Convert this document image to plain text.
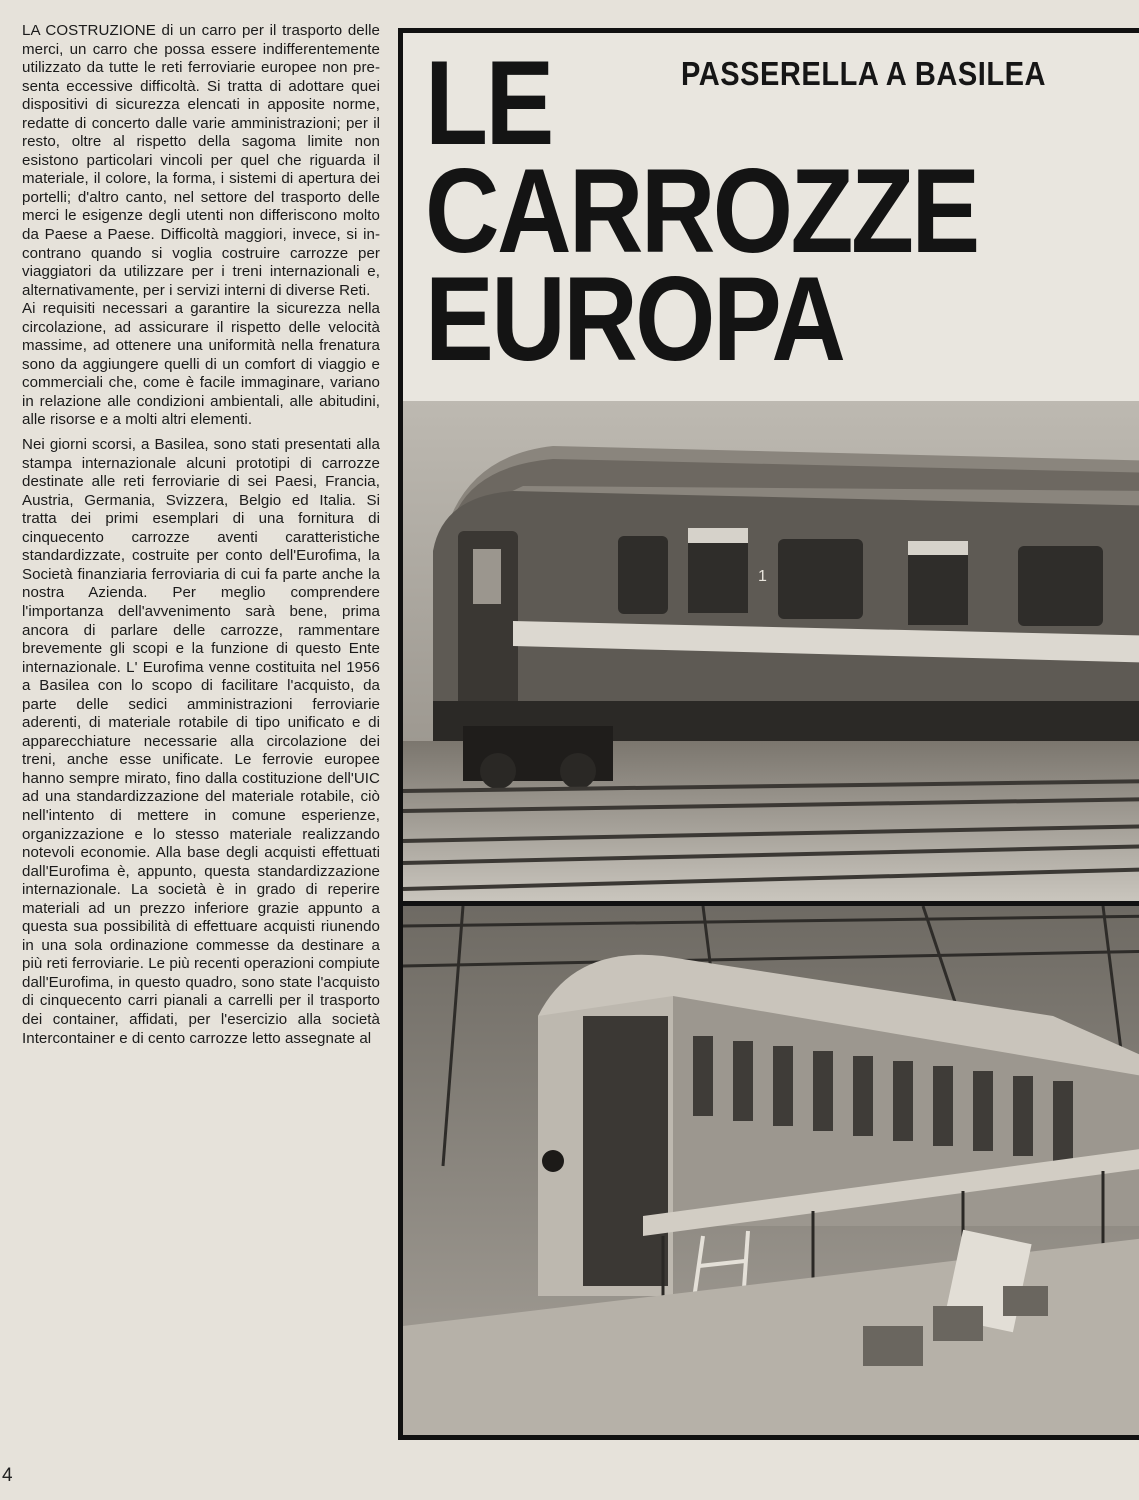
LA COSTRUZIONE di un carro per il trasporto delle merci, un carro che possa essere indifferentemente utilizzato da tutte le reti ferroviarie europee non presenta eccessive difficoltà. Si tratta di adottare quei dispositivi di sicurezza elencati in apposite norme, redatte di concerto dalle varie amministrazioni; per il resto, oltre al rispetto della sagoma limite non esistono particolari vincoli per quel che riguarda il materiale, il colore, la forma, i sistemi di apertura dei portelli; d'altro canto, nel settore del trasporto delle merci le esigenze degli utenti non differiscono molto da Paese a Paese. Difficoltà maggiori, invece, si incontrano quando si voglia costruire carrozze per viaggiatori da utilizzare per i treni internazionali e, alternativamente, per i servizi interni di diverse Reti.

Ai requisiti necessari a garantire la sicurezza nella circolazione, ad assicurare il rispetto delle velocità massime, ad ottenere una uniformità nella frenatura sono da aggiungere quelli di un comfort di viaggio e commerciali che, come è facile immaginare, variano in relazione alle condizioni ambientali, alle abitudini, alle risorse e a molti altri elementi.

Nei giorni scorsi, a Basilea, sono stati presentati alla stampa internazionale alcuni prototipi di carrozze destinate alle reti ferroviarie di sei Paesi, Francia, Austria, Germania, Svizzera, Belgio ed Italia. Si tratta dei primi esemplari di una fornitura di cinquecento carrozze aventi caratteristiche standardizzate, costruite per conto dell'Eurofima, la Società finanziaria ferroviaria di cui fa parte anche la nostra Azienda. Per meglio comprendere l'importanza dell'avvenimento sarà bene, prima ancora di parlare delle carrozze, rammentare brevemente gli scopi e la funzione di questo Ente internazionale. L' Eurofima venne costituita nel 1956 a Basilea con lo scopo di facilitare l'acquisto, da parte delle sedici amministrazioni ferroviarie aderenti, di materiale rotabile di tipo unificato e di apparecchiature necessarie alla circolazione dei treni, anche esse unificate. Le ferrovie europee hanno sempre mirato, fino dalla costituzione dell'UIC ad una standardizzazione del materiale rotabile, ciò nell'intento di mettere in comune esperienze, organizzazione e lo stesso materiale realizzando notevoli economie. Alla base degli acquisti effettuati dall'Eurofima è, appunto, questa standardizzazione internazionale. La società è in grado di reperire materiali ad un prezzo inferiore grazie appunto a questa sua possibilità di effettuare acquisti riunendo in una sola ordinazione commesse da destinare a più reti ferroviarie. Le più recenti operazioni compiute dall'Eurofima, in questo quadro, sono state l'acquisto di cinquecento carri pianali a carrelli per il trasporto dei container, affidati, per l'esercizio alla società Intercontainer e di cento carrozze letto assegnate al

4
PASSERELLA A BASILEA
LE
CARROZZE
EUROPA
1
